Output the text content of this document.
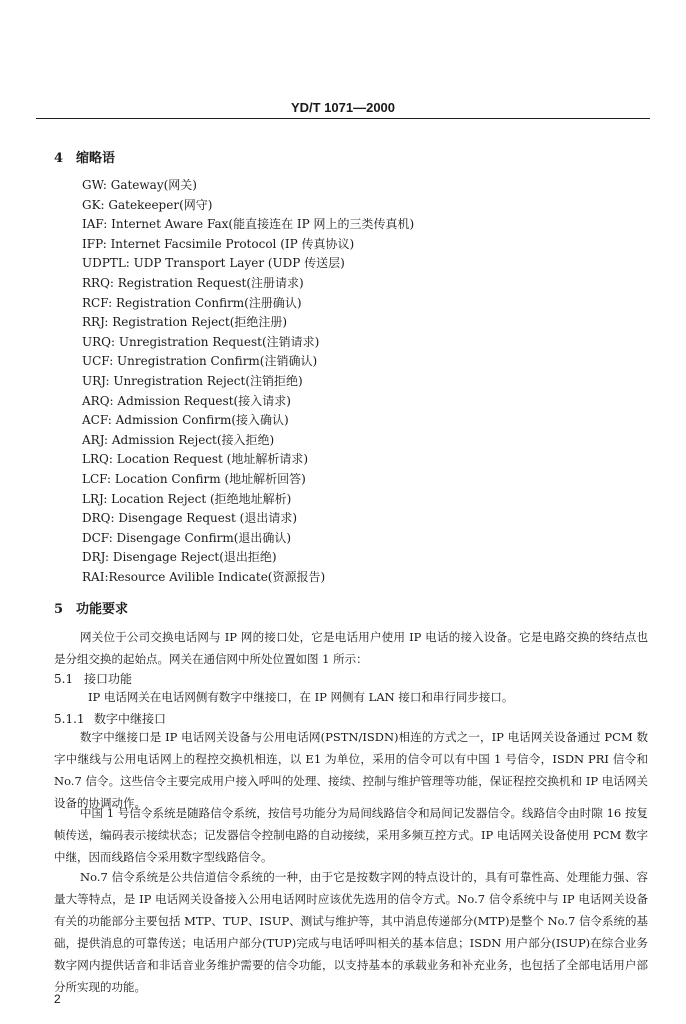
YD/T 1071—2000
4 缩略语
GW: Gateway(网关)
GK: Gatekeeper(网守)
IAF: Internet Aware Fax(能直接连在 IP 网上的三类传真机)
IFP: Internet Facsimile Protocol (IP 传真协议)
UDPTL: UDP Transport Layer (UDP 传送层)
RRQ: Registration Request(注册请求)
RCF: Registration Confirm(注册确认)
RRJ: Registration Reject(拒绝注册)
URQ: Unregistration Request(注销请求)
UCF: Unregistration Confirm(注销确认)
URJ: Unregistration Reject(注销拒绝)
ARQ: Admission Request(接入请求)
ACF: Admission Confirm(接入确认)
ARJ: Admission Reject(接入拒绝)
LRQ: Location Request (地址解析请求)
LCF: Location Confirm (地址解析回答)
LRJ: Location Reject (拒绝地址解析)
DRQ: Disengage Request (退出请求)
DCF: Disengage Confirm(退出确认)
DRJ: Disengage Reject(退出拒绝)
RAI:Resource Avilible Indicate(资源报告)
5 功能要求

网关位于公司交换电话网与 IP 网的接口处，它是电话用户使用 IP 电话的接入设备。它是电路交换的终结点也是分组交换的起始点。网关在通信网中所处位置如图 1 所示：

5.1 接口功能

IP 电话网关在电话网侧有数字中继接口，在 IP 网侧有 LAN 接口和串行同步接口。

5.1.1 数字中继接口

数字中继接口是 IP 电话网关设备与公用电话网(PSTN/ISDN)相连的方式之一，IP 电话网关设备通过 PCM 数字中继线与公用电话网上的程控交换机相连，以 E1 为单位，采用的信令可以有中国 1 号信令，ISDN PRI 信令和 No.7 信令。这些信令主要完成用户接入呼叫的处理、接续、控制与维护管理等功能，保证程控交换机和 IP 电话网关设备的协调动作。

中国 1 号信令系统是随路信令系统，按信号功能分为局间线路信令和局间记发器信令。线路信令由时隙 16 按复帧传送，编码表示接续状态；记发器信令控制电路的自动接续，采用多频互控方式。IP 电话网关设备使用 PCM 数字中继，因而线路信令采用数字型线路信令。

No.7 信令系统是公共信道信令系统的一种，由于它是按数字网的特点设计的，具有可靠性高、处理能力强、容量大等特点，是 IP 电话网关设备接入公用电话网时应该优先选用的信令方式。No.7 信令系统中与 IP 电话网关设备有关的功能部分主要包括 MTP、TUP、ISUP、测试与维护等，其中消息传递部分(MTP)是整个 No.7 信令系统的基础，提供消息的可靠传送；电话用户部分(TUP)完成与电话呼叫相关的基本信息；ISDN 用户部分(ISUP)在综合业务数字网内提供话音和非话音业务维护需要的信令功能，以支持基本的承载业务和补充业务，也包括了全部电话用户部分所实现的功能。

2
